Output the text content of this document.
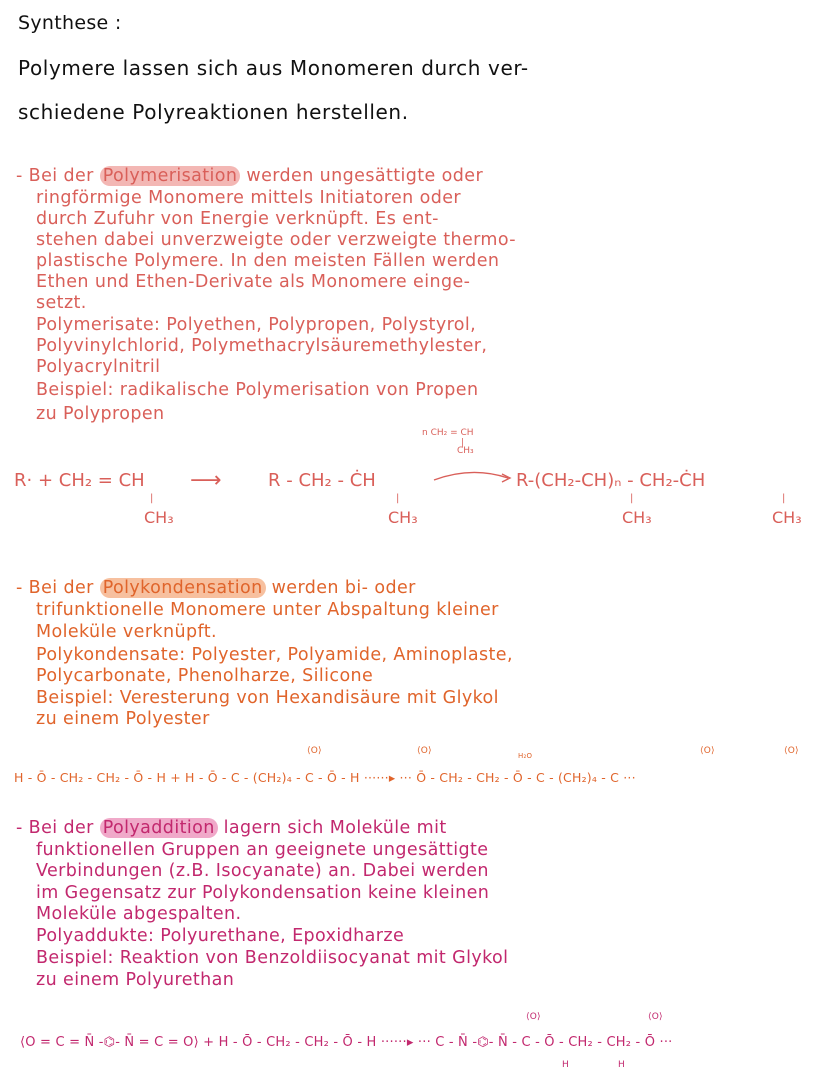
Synthese :
Polymere lassen sich aus Monomeren durch ver-
schiedene Polyreaktionen herstellen.
- Bei der Polymerisation werden ungesättigte oder
ringförmige Monomere mittels Initiatoren oder
durch Zufuhr von Energie verknüpft. Es ent-
stehen dabei unverzweigte oder verzweigte thermo-
plastische Polymere. In den meisten Fällen werden
Ethen und Ethen-Derivate als Monomere einge-
setzt.
Polymerisate: Polyethen, Polypropen, Polystyrol,
Polyvinylchlorid, Polymethacrylsäuremethylester,
Polyacrylnitril
Beispiel: radikalische Polymerisation von Propen
zu Polypropen
R· + CH₂ = CH
|
CH₃
⟶	R - CH₂ - ĊH
|
CH₃
n CH₂ = CH
|
CH₃
R-(CH₂-CH)ₙ - CH₂-ĊH
|
CH₃
|
CH₃
- Bei der Polykondensation werden bi- oder
trifunktionelle Monomere unter Abspaltung kleiner
Moleküle verknüpft.
Polykondensate: Polyester, Polyamide, Aminoplaste,
Polycarbonate, Phenolharze, Silicone
Beispiel: Veresterung von Hexandisäure mit Glykol
zu einem Polyester
⟨O⟩	⟨O⟩	H₂O	⟨O⟩	⟨O⟩
H - Ō - CH₂ - CH₂ - Ō - H + H - Ō - C - (CH₂)₄ - C - Ō - H ······▸ ··· Ō - CH₂ - CH₂ - Ō - C - (CH₂)₄ - C ···
- Bei der Polyaddition lagern sich Moleküle mit
funktionellen Gruppen an geeignete ungesättigte
Verbindungen (z.B. Isocyanate) an. Dabei werden
im Gegensatz zur Polykondensation keine kleinen
Moleküle abgespalten.
Polyaddukte: Polyurethane, Epoxidharze
Beispiel: Reaktion von Benzoldiisocyanat mit Glykol
zu einem Polyurethan
⟨O⟩	⟨O⟩
⟨O = C = N̄ -⌬- N̄ = C = O⟩ + H - Ō - CH₂ - CH₂ - Ō - H ······▸ ··· C - N̄ -⌬- N̄ - C - Ō - CH₂ - CH₂ - Ō ···
H	H
